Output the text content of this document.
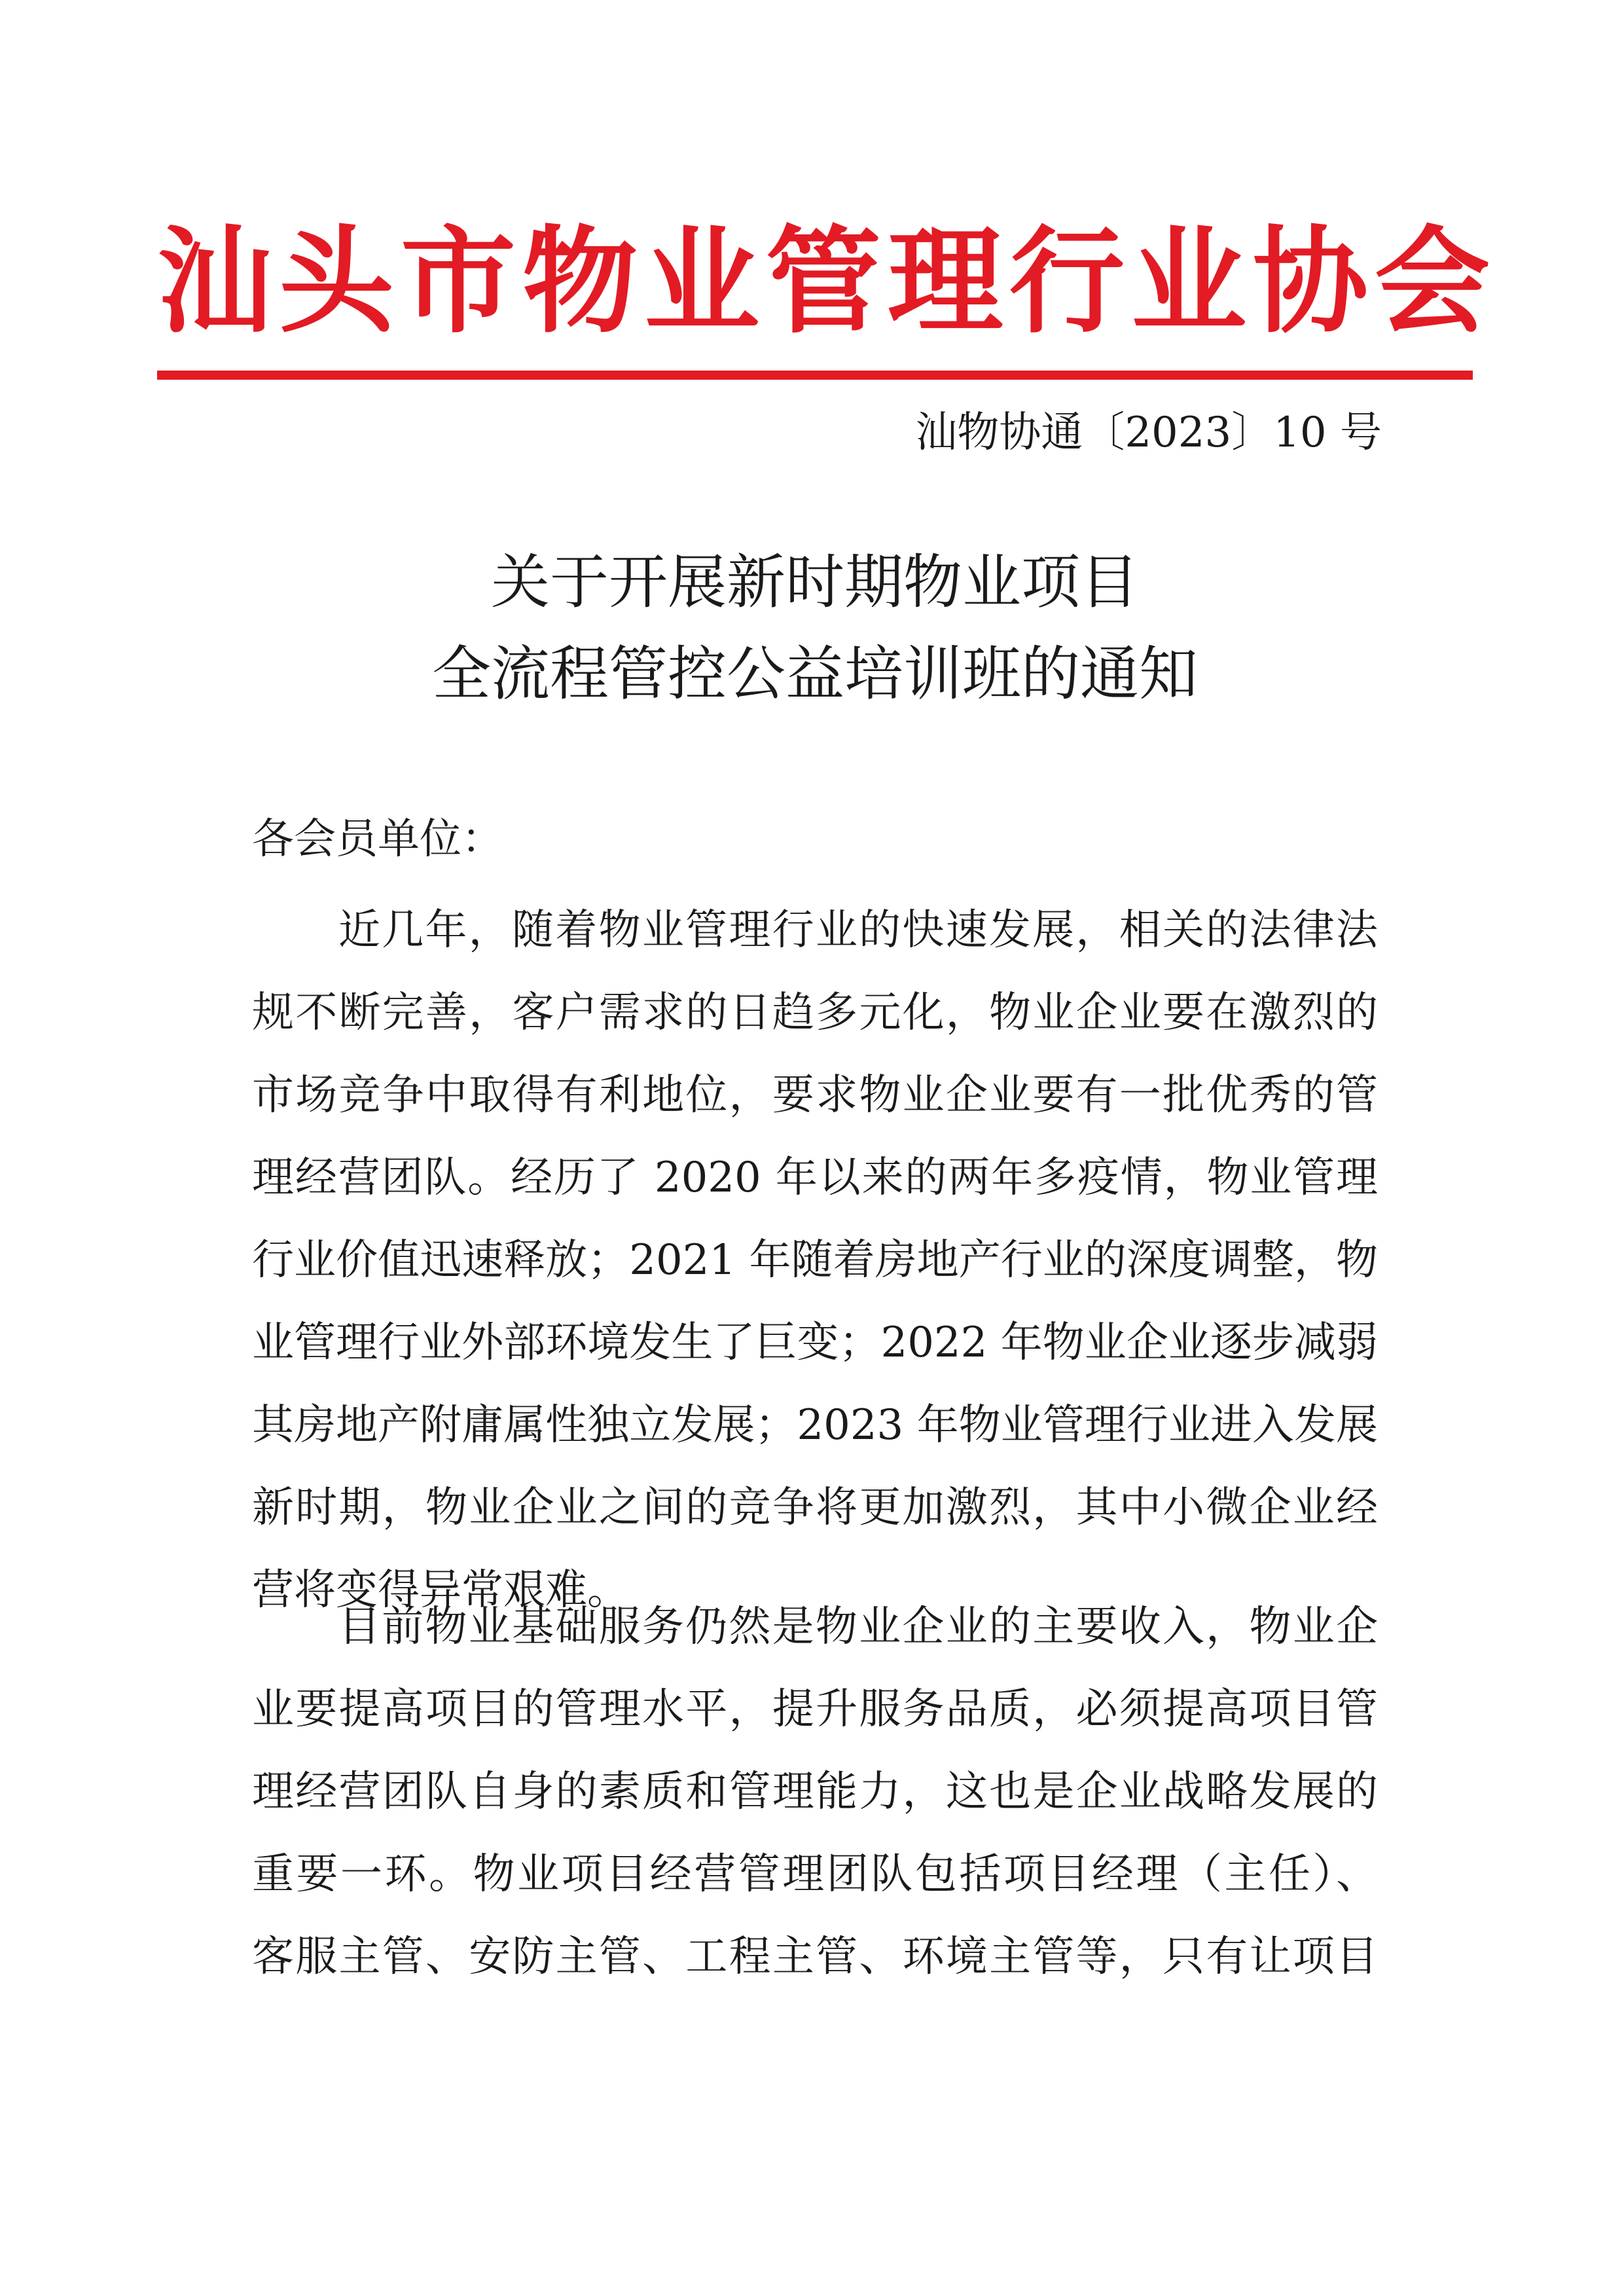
汕头市物业管理行业协会
汕物协通〔2023〕10 号
关于开展新时期物业项目
全流程管控公益培训班的通知
各会员单位：
近几年，随着物业管理行业的快速发展，相关的法律法
规不断完善，客户需求的日趋多元化，物业企业要在激烈的
市场竞争中取得有利地位，要求物业企业要有一批优秀的管
理经营团队。经历了 2020 年以来的两年多疫情，物业管理
行业价值迅速释放；2021 年随着房地产行业的深度调整，物
业管理行业外部环境发生了巨变；2022 年物业企业逐步减弱
其房地产附庸属性独立发展；2023 年物业管理行业进入发展
新时期，物业企业之间的竞争将更加激烈，其中小微企业经
营将变得异常艰难。
目前物业基础服务仍然是物业企业的主要收入，物业企
业要提高项目的管理水平，提升服务品质，必须提高项目管
理经营团队自身的素质和管理能力，这也是企业战略发展的
重要一环。物业项目经营管理团队包括项目经理（主任）、
客服主管、安防主管、工程主管、环境主管等，只有让项目
